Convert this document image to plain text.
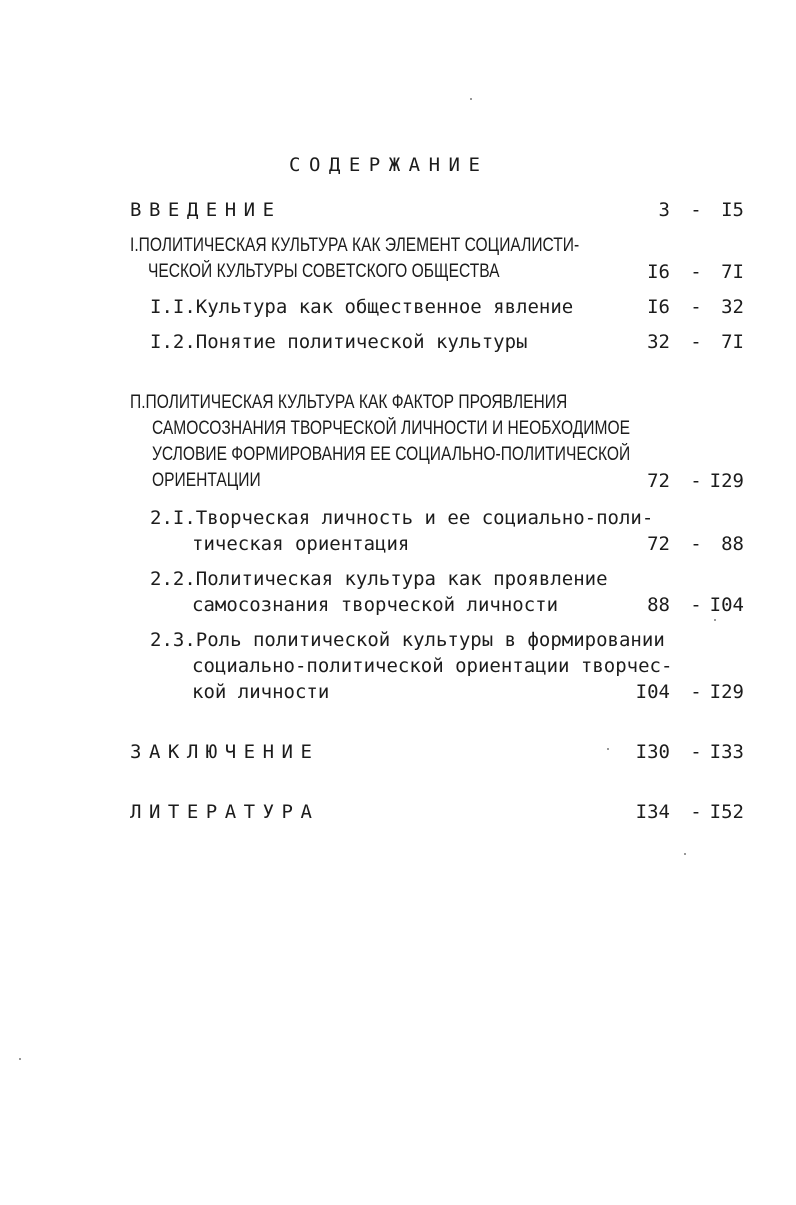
СОДЕРЖАНИЕ
ВВЕДЕНИЕ	3 -	I5
I.ПОЛИТИЧЕСКАЯ КУЛЬТУРА КАК ЭЛЕМЕНТ СОЦИАЛИСТИ-
ЧЕСКОЙ КУЛЬТУРЫ СОВЕТСКОГО ОБЩЕСТВА	I6 -	7I
I.I.Культура как общественное явление	I6 -	32
I.2.Понятие политической культуры	32 -	7I
П.ПОЛИТИЧЕСКАЯ КУЛЬТУРА КАК ФАКТОР ПРОЯВЛЕНИЯ
САМОСОЗНАНИЯ ТВОРЧЕСКОЙ ЛИЧНОСТИ И НЕОБХОДИМОЕ
УСЛОВИЕ ФОРМИРОВАНИЯ ЕЕ СОЦИАЛЬНО-ПОЛИТИЧЕСКОЙ
ОРИЕНТАЦИИ	72 - I29
2.I.Творческая личность и ее социально-поли-
тическая ориентация	72 -	88
2.2.Политическая культура как проявление
самосознания творческой личности	88 - I04
2.3.Роль политической культуры в формировании
социально-политической ориентации творчес-
кой личности	I04 - I29
ЗАКЛЮЧЕНИЕ	I30 - I33
ЛИТЕРАТУРА	I34 - I52
